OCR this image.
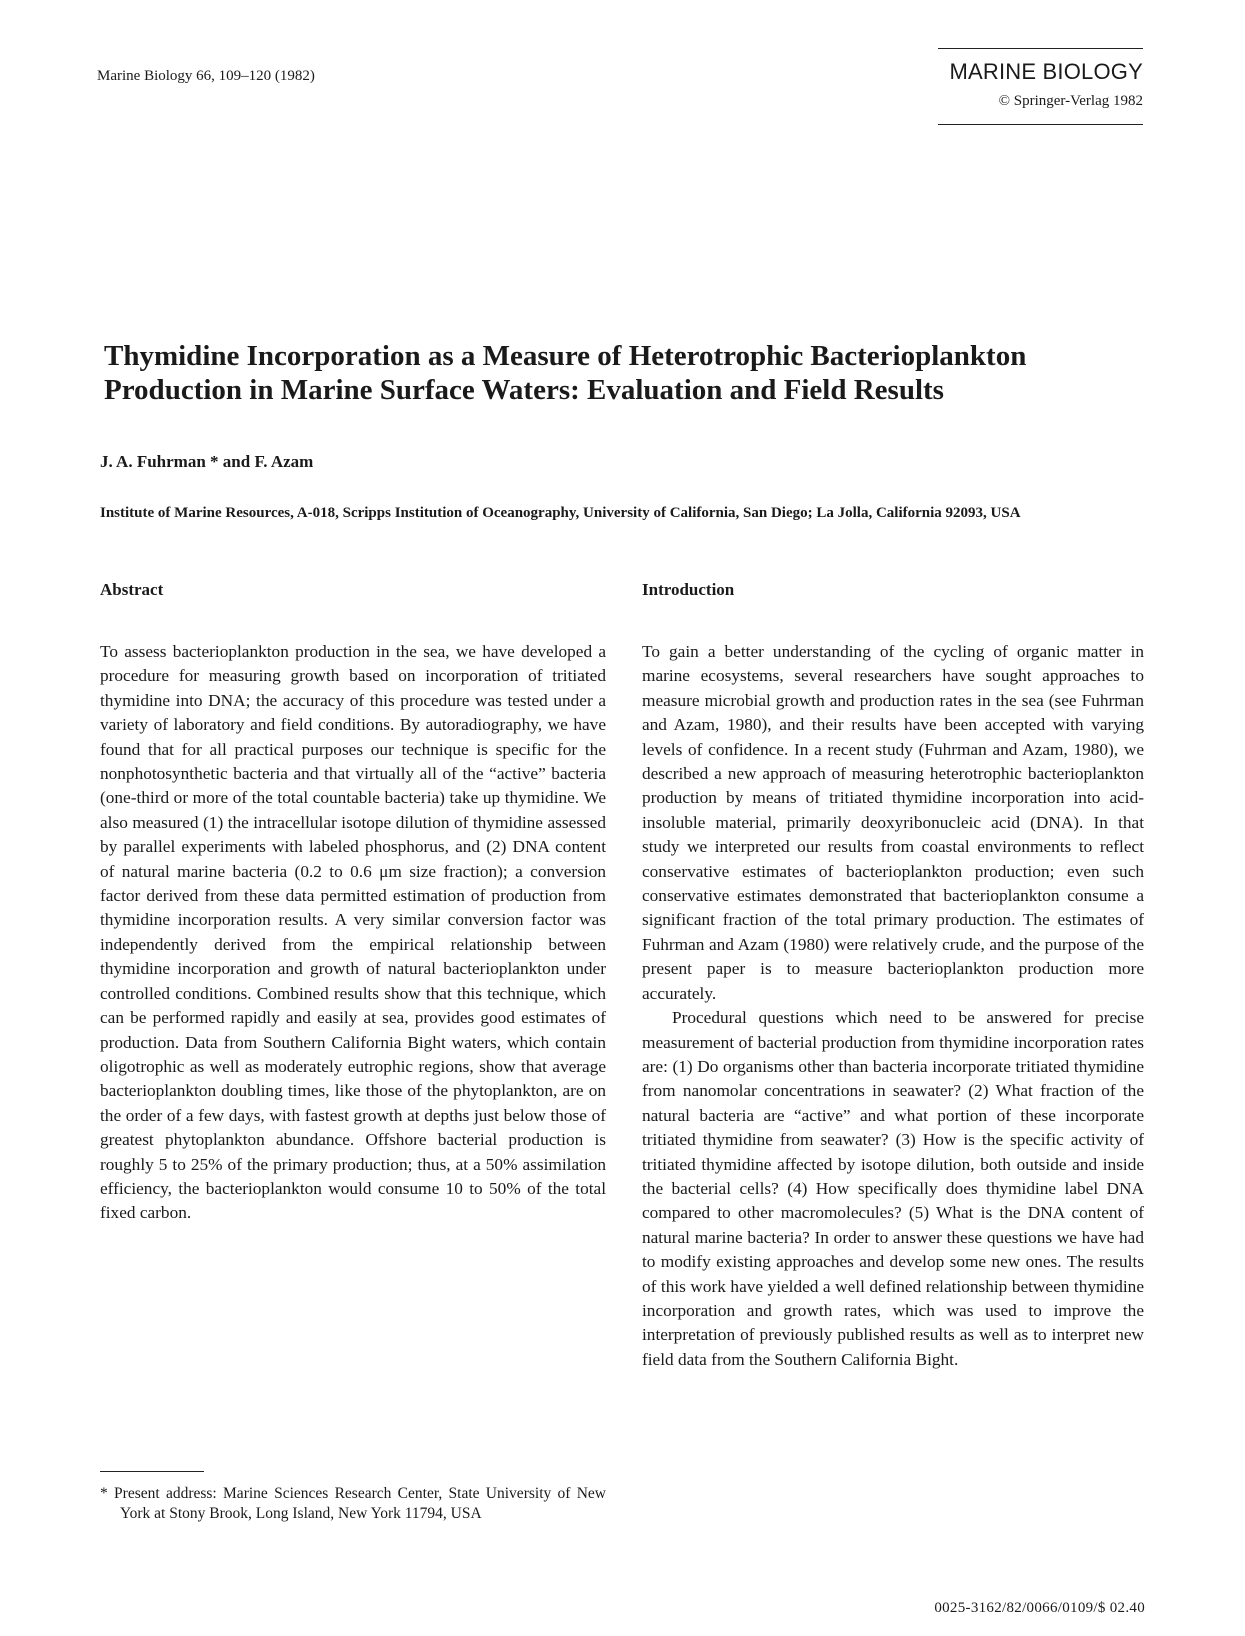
Marine Biology 66, 109–120 (1982)	MARINE BIOLOGY
© Springer-Verlag 1982
Thymidine Incorporation as a Measure of Heterotrophic Bacterioplankton Production in Marine Surface Waters: Evaluation and Field Results
J. A. Fuhrman * and F. Azam
Institute of Marine Resources, A-018, Scripps Institution of Oceanography, University of California, San Diego; La Jolla, California 92093, USA
Abstract	Introduction

To assess bacterioplankton production in the sea, we have developed a procedure for measuring growth based on incorporation of tritiated thymidine into DNA; the accuracy of this procedure was tested under a variety of laboratory and field conditions. By autoradiography, we have found that for all practical purposes our technique is specific for the nonphotosynthetic bacteria and that virtually all of the “active” bacteria (one-third or more of the total countable bacteria) take up thymidine. We also measured (1) the intracellular isotope dilution of thymidine assessed by parallel experiments with labeled phosphorus, and (2) DNA content of natural marine bacteria (0.2 to 0.6 μm size fraction); a conversion factor derived from these data permitted estimation of production from thymidine incorporation results. A very similar conversion factor was independently derived from the empirical relationship between thymidine incorporation and growth of natural bacterioplankton under controlled conditions. Combined results show that this technique, which can be performed rapidly and easily at sea, provides good estimates of production. Data from Southern California Bight waters, which contain oligotrophic as well as moderately eutrophic regions, show that average bacterioplankton doubling times, like those of the phytoplankton, are on the order of a few days, with fastest growth at depths just below those of greatest phytoplankton abundance. Offshore bacterial production is roughly 5 to 25% of the primary production; thus, at a 50% assimilation efficiency, the bacterioplankton would consume 10 to 50% of the total fixed carbon.

To gain a better understanding of the cycling of organic matter in marine ecosystems, several researchers have sought approaches to measure microbial growth and production rates in the sea (see Fuhrman and Azam, 1980), and their results have been accepted with varying levels of confidence. In a recent study (Fuhrman and Azam, 1980), we described a new approach of measuring heterotrophic bacterioplankton production by means of tritiated thymidine incorporation into acid-insoluble material, primarily deoxyribonucleic acid (DNA). In that study we interpreted our results from coastal environments to reflect conservative estimates of bacterioplankton production; even such conservative estimates demonstrated that bacterioplankton consume a significant fraction of the total primary production. The estimates of Fuhrman and Azam (1980) were relatively crude, and the purpose of the present paper is to measure bacterioplankton production more accurately.

Procedural questions which need to be answered for precise measurement of bacterial production from thymidine incorporation rates are: (1) Do organisms other than bacteria incorporate tritiated thymidine from nanomolar concentrations in seawater? (2) What fraction of the natural bacteria are “active” and what portion of these incorporate tritiated thymidine from seawater? (3) How is the specific activity of tritiated thymidine affected by isotope dilution, both outside and inside the bacterial cells? (4) How specifically does thymidine label DNA compared to other macromolecules? (5) What is the DNA content of natural marine bacteria? In order to answer these questions we have had to modify existing approaches and develop some new ones. The results of this work have yielded a well defined relationship between thymidine incorporation and growth rates, which was used to improve the interpretation of previously published results as well as to interpret new field data from the Southern California Bight.

* Present address: Marine Sciences Research Center, State University of New York at Stony Brook, Long Island, New York 11794, USA
0025-3162/82/0066/0109/$ 02.40
